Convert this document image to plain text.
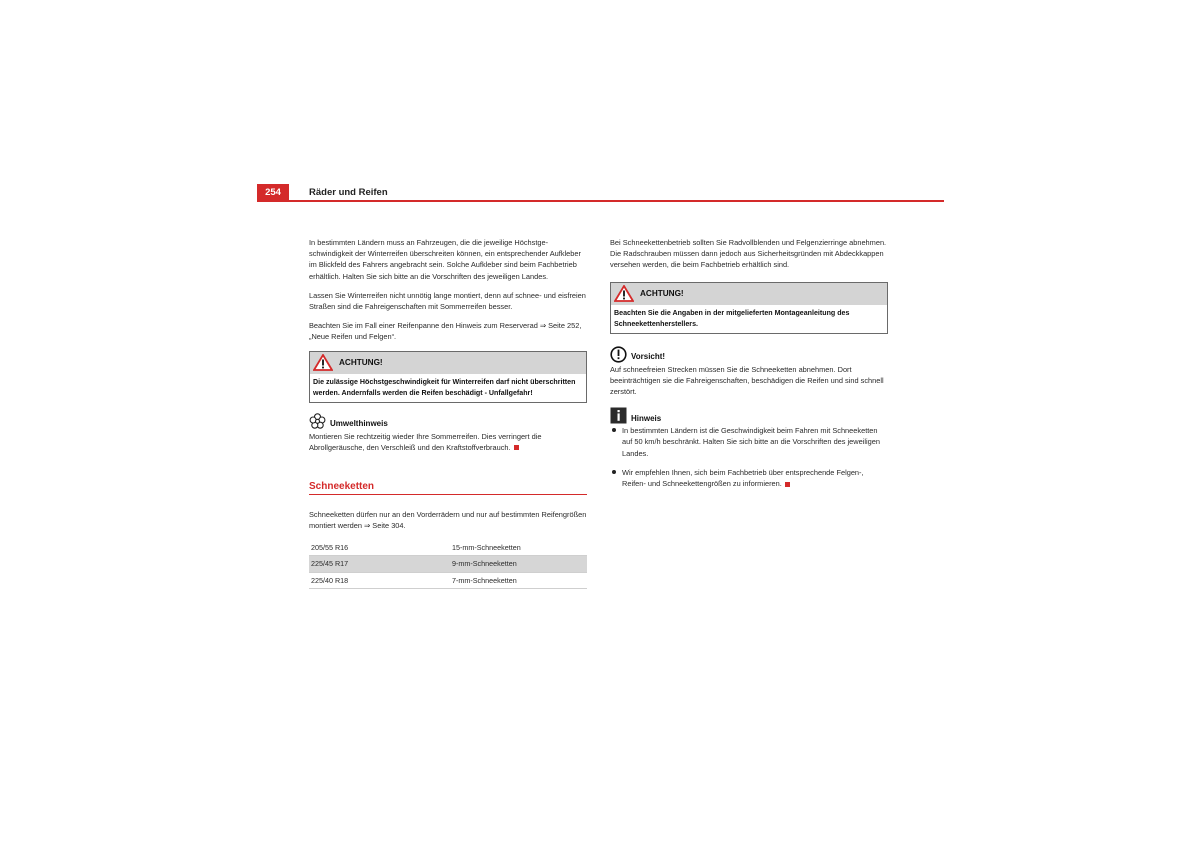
254	Räder und Reifen

In bestimmten Ländern muss an Fahrzeugen, die die jeweilige Höchstgeschwindigkeit der Winterreifen überschreiten können, ein entsprechender Aufkleber im Blickfeld des Fahrers angebracht sein. Solche Aufkleber sind beim Fachbetrieb erhältlich. Halten Sie sich bitte an die Vorschriften des jeweiligen Landes.

Lassen Sie Winterreifen nicht unnötig lange montiert, denn auf schnee- und eisfreien Straßen sind die Fahreigenschaften mit Sommerreifen besser.

Beachten Sie im Fall einer Reifenpanne den Hinweis zum Reserverad ⇒ Seite 252, „Neue Reifen und Felgen“.

ACHTUNG!
Die zulässige Höchstgeschwindigkeit für Winterreifen darf nicht überschritten werden. Andernfalls werden die Reifen beschädigt - Unfallgefahr!
Umwelthinweis

Montieren Sie rechtzeitig wieder Ihre Sommerreifen. Dies verringert die Abrollgeräusche, den Verschleiß und den Kraftstoffverbrauch.

Schneeketten

Schneeketten dürfen nur an den Vorderrädern und nur auf bestimmten Reifengrößen montiert werden ⇒ Seite 304.

205/55 R16	15-mm-Schneeketten
225/45 R17	9-mm-Schneeketten
225/40 R18	7-mm-Schneeketten

Bei Schneekettenbetrieb sollten Sie Radvollblenden und Felgenzierringe abnehmen. Die Radschrauben müssen dann jedoch aus Sicherheitsgründen mit Abdeckkappen versehen werden, die beim Fachbetrieb erhältlich sind.

ACHTUNG!
Beachten Sie die Angaben in der mitgelieferten Montageanleitung des Schneekettenherstellers.
Vorsicht!

Auf schneefreien Strecken müssen Sie die Schneeketten abnehmen. Dort beeinträchtigen sie die Fahreigenschaften, beschädigen die Reifen und sind schnell zerstört.

Hinweis

In bestimmten Ländern ist die Geschwindigkeit beim Fahren mit Schneeketten auf 50 km/h beschränkt. Halten Sie sich bitte an die Vorschriften des jeweiligen Landes.

Wir empfehlen Ihnen, sich beim Fachbetrieb über entsprechende Felgen-, Reifen- und Schneekettengrößen zu informieren.
